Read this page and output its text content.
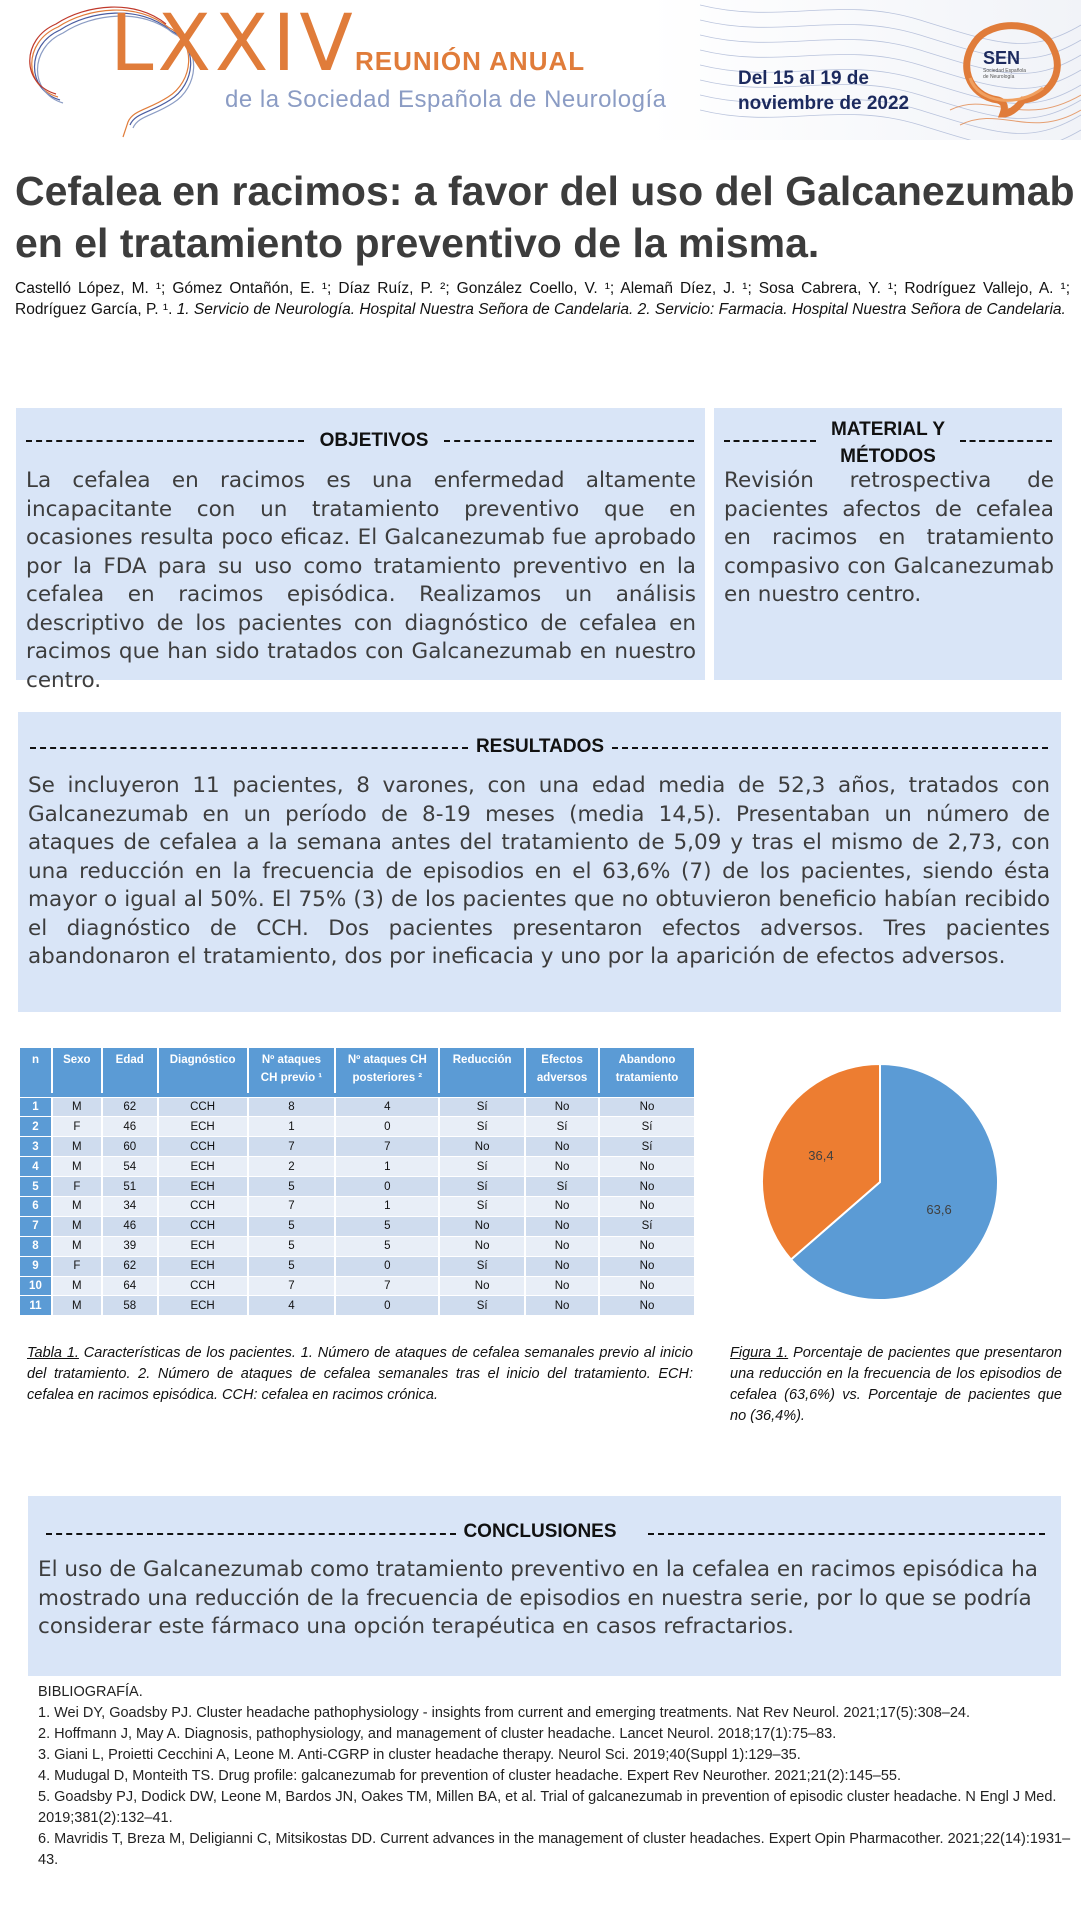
LXXIV
REUNIÓN ANUAL
de la Sociedad Española de Neurología
Del 15 al 19 de
noviembre de 2022
SEN
Sociedad Española de Neurología
Cefalea en racimos: a favor del uso del Galcanezumab en el tratamiento preventivo de la misma.
Castelló López, M. ¹; Gómez Ontañón, E. ¹; Díaz Ruíz, P. ²; González Coello, V. ¹; Alemañ Díez, J. ¹; Sosa Cabrera, Y. ¹; Rodríguez Vallejo, A. ¹; Rodríguez García, P. ¹. 1. Servicio de Neurología. Hospital Nuestra Señora de Candelaria. 2. Servicio: Farmacia. Hospital Nuestra Señora de Candelaria.
OBJETIVOS
La cefalea en racimos es una enfermedad altamente incapacitante con un tratamiento preventivo que en ocasiones resulta poco eficaz. El Galcanezumab fue aprobado por la FDA para su uso como tratamiento preventivo en la cefalea en racimos episódica. Realizamos un análisis descriptivo de los pacientes con diagnóstico de cefalea en racimos que han sido tratados con Galcanezumab en nuestro centro.
MATERIAL Y
MÉTODOS
Revisión retrospectiva de pacientes afectos de cefalea en racimos en tratamiento compasivo con Galcanezumab en nuestro centro.
RESULTADOS
Se incluyeron 11 pacientes, 8 varones, con una edad media de 52,3 años, tratados con Galcanezumab en un período de 8-19 meses (media 14,5). Presentaban un número de ataques de cefalea a la semana antes del tratamiento de 5,09 y tras el mismo de 2,73, con una reducción en la frecuencia de episodios en el 63,6% (7) de los pacientes, siendo ésta mayor o igual al 50%. El 75% (3) de los pacientes que no obtuvieron beneficio habían recibido el diagnóstico de CCH. Dos pacientes presentaron efectos adversos. Tres pacientes abandonaron el tratamiento, dos por ineficacia y uno por la aparición de efectos adversos.
n	Sexo	Edad	Diagnóstico	Nº ataques CH previo ¹	Nº ataques CH posteriores ²	Reducción	Efectos adversos	Abandono tratamiento

1	M	62	CCH	8	4	Sí	No	No
2	F	46	ECH	1	0	Sí	Sí	Sí
3	M	60	CCH	7	7	No	No	Sí
4	M	54	ECH	2	1	Sí	No	No
5	F	51	ECH	5	0	Sí	Sí	No
6	M	34	CCH	7	1	Sí	No	No
7	M	46	CCH	5	5	No	No	Sí
8	M	39	ECH	5	5	No	No	No
9	F	62	ECH	5	0	Sí	No	No
10	M	64	CCH	7	7	No	No	No
11	M	58	ECH	4	0	Sí	No	No
Tabla 1. Características de los pacientes. 1. Número de ataques de cefalea semanales previo al inicio del tratamiento. 2. Número de ataques de cefalea semanales tras el inicio del tratamiento. ECH: cefalea en racimos episódica. CCH: cefalea en racimos crónica.
63,6
36,4
Figura 1. Porcentaje de pacientes que presentaron una reducción en la frecuencia de los episodios de cefalea (63,6%) vs. Porcentaje de pacientes que no (36,4%).
CONCLUSIONES
El uso de Galcanezumab como tratamiento preventivo en la cefalea en racimos episódica ha mostrado una reducción de la frecuencia de episodios en nuestra serie, por lo que se podría considerar este fármaco una opción terapéutica en casos refractarios.
BIBLIOGRAFÍA.
1. Wei DY, Goadsby PJ. Cluster headache pathophysiology - insights from current and emerging treatments. Nat Rev Neurol. 2021;17(5):308–24.
2. Hoffmann J, May A. Diagnosis, pathophysiology, and management of cluster headache. Lancet Neurol. 2018;17(1):75–83.
3. Giani L, Proietti Cecchini A, Leone M. Anti-CGRP in cluster headache therapy. Neurol Sci. 2019;40(Suppl 1):129–35.
4. Mudugal D, Monteith TS. Drug profile: galcanezumab for prevention of cluster headache. Expert Rev Neurother. 2021;21(2):145–55.
5. Goadsby PJ, Dodick DW, Leone M, Bardos JN, Oakes TM, Millen BA, et al. Trial of galcanezumab in prevention of episodic cluster headache. N Engl J Med. 2019;381(2):132–41.
6. Mavridis T, Breza M, Deligianni C, Mitsikostas DD. Current advances in the management of cluster headaches. Expert Opin Pharmacother. 2021;22(14):1931–43.
